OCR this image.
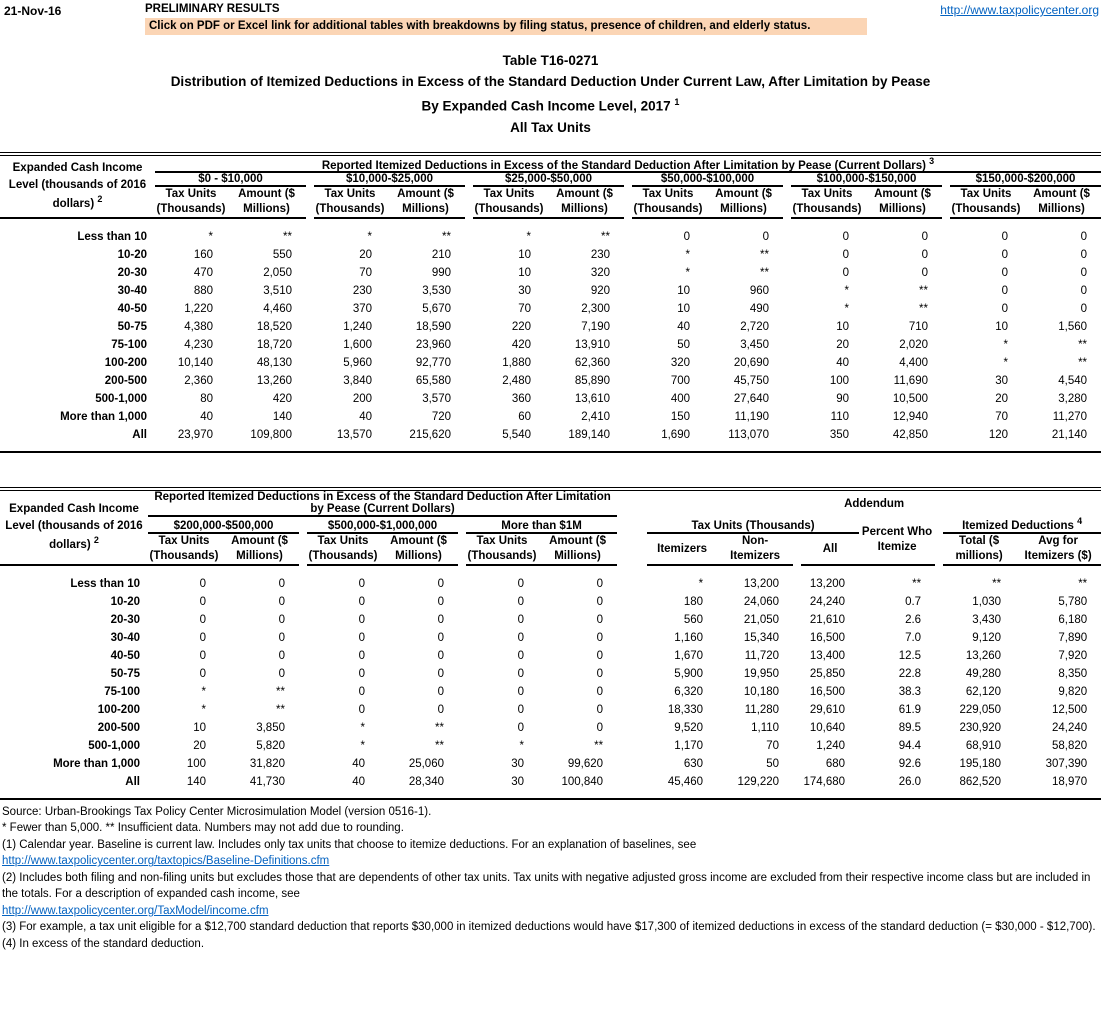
21-Nov-16	PRELIMINARY RESULTS
Click on PDF or Excel link for additional tables with breakdowns by filing status, presence of children, and elderly status.
http://www.taxpolicycenter.org
Table T16-0271
Distribution of Itemized Deductions in Excess of the Standard Deduction Under Current Law, After Limitation by Pease
By Expanded Cash Income Level, 2017 $^1$
All Tax Units
Expanded Cash Income Level (thousands of 2016 dollars) $^2$	Reported Itemized Deductions in Excess of the Standard Deduction After Limitation by Pease (Current Dollars) $^3$
	$0 - $10,000			$10,000-$25,000			$25,000-$50,000			$50,000-$100,000			$100,000-$150,000			$150,000-$200,000	
	Tax Units (Thousands)	Amount ($ Millions)		Tax Units (Thousands)	Amount ($ Millions)		Tax Units (Thousands)	Amount ($ Millions)		Tax Units (Thousands)	Amount ($ Millions)		Tax Units (Thousands)	Amount ($ Millions)		Tax Units (Thousands)	Amount ($ Millions)
Less than 10	*	**		*	**		*	**		0	0		0	0		0	0
10-20	160	550		20	210		10	230		*	**		0	0		0	0
20-30	470	2,050		70	990		10	320		*	**		0	0		0	0
30-40	880	3,510		230	3,530		30	920		10	960		*	**		0	0
40-50	1,220	4,460		370	5,670		70	2,300		10	490		*	**		0	0
50-75	4,380	18,520		1,240	18,590		220	7,190		40	2,720		10	710		10	1,560
75-100	4,230	18,720		1,600	23,960		420	13,910		50	3,450		20	2,020		*	**
100-200	10,140	48,130		5,960	92,770		1,880	62,360		320	20,690		40	4,400		*	**
200-500	2,360	13,260		3,840	65,580		2,480	85,890		700	45,750		100	11,690		30	4,540
500-1,000	80	420		200	3,570		360	13,610		400	27,640		90	10,500		20	3,280
More than 1,000	40	140		40	720		60	2,410		150	11,190		110	12,940		70	11,270
All	23,970	109,800		13,570	215,620		5,540	189,140		1,690	113,070		350	42,850		120	21,140
Expanded Cash Income Level (thousands of 2016 dollars) $^2$	Reported Itemized Deductions in Excess of the Standard Deduction After Limitation by Pease (Current Dollars)									Addendum							
	$200,000-$500,000			$500,000-$1,000,000			More than $1M			Tax Units (Thousands)				Percent Who Itemize		Itemized Deductions $^4$
	Tax Units (Thousands)	Amount ($ Millions)		Tax Units (Thousands)	Amount ($ Millions)		Tax Units (Thousands)	Amount ($ Millions)		Itemizers	Non-Itemizers		All			Total ($ millions)	Avg for Itemizers ($)
Less than 10	0	0		0	0		0	0		*	13,200		13,200	**		**	**
10-20	0	0		0	0		0	0		180	24,060		24,240	0.7		1,030	5,780
20-30	0	0		0	0		0	0		560	21,050		21,610	2.6		3,430	6,180
30-40	0	0		0	0		0	0		1,160	15,340		16,500	7.0		9,120	7,890
40-50	0	0		0	0		0	0		1,670	11,720		13,400	12.5		13,260	7,920
50-75	0	0		0	0		0	0		5,900	19,950		25,850	22.8		49,280	8,350
75-100	*	**		0	0		0	0		6,320	10,180		16,500	38.3		62,120	9,820
100-200	*	**		0	0		0	0		18,330	11,280		29,610	61.9		229,050	12,500
200-500	10	3,850		*	**		0	0		9,520	1,110		10,640	89.5		230,920	24,240
500-1,000	20	5,820		*	**		*	**		1,170	70		1,240	94.4		68,910	58,820
More than 1,000	100	31,820		40	25,060		30	99,620		630	50		680	92.6		195,180	307,390
All	140	41,730		40	28,340		30	100,840		45,460	129,220		174,680	26.0		862,520	18,970
Source: Urban-Brookings Tax Policy Center Microsimulation Model (version 0516-1).
* Fewer than 5,000. ** Insufficient data. Numbers may not add due to rounding.
(1) Calendar year. Baseline is current law. Includes only tax units that choose to itemize deductions. For an explanation of baselines, see
http://www.taxpolicycenter.org/taxtopics/Baseline-Definitions.cfm
(2) Includes both filing and non-filing units but excludes those that are dependents of other tax units. Tax units with negative adjusted gross income are excluded from their respective income class but are included in the totals. For a description of expanded cash income, see
http://www.taxpolicycenter.org/TaxModel/income.cfm
(3) For example, a tax unit eligible for a $12,700 standard deduction that reports $30,000 in itemized deductions would have $17,300 of itemized deductions in excess of the standard deduction (= $30,000 - $12,700).
(4) In excess of the standard deduction.
